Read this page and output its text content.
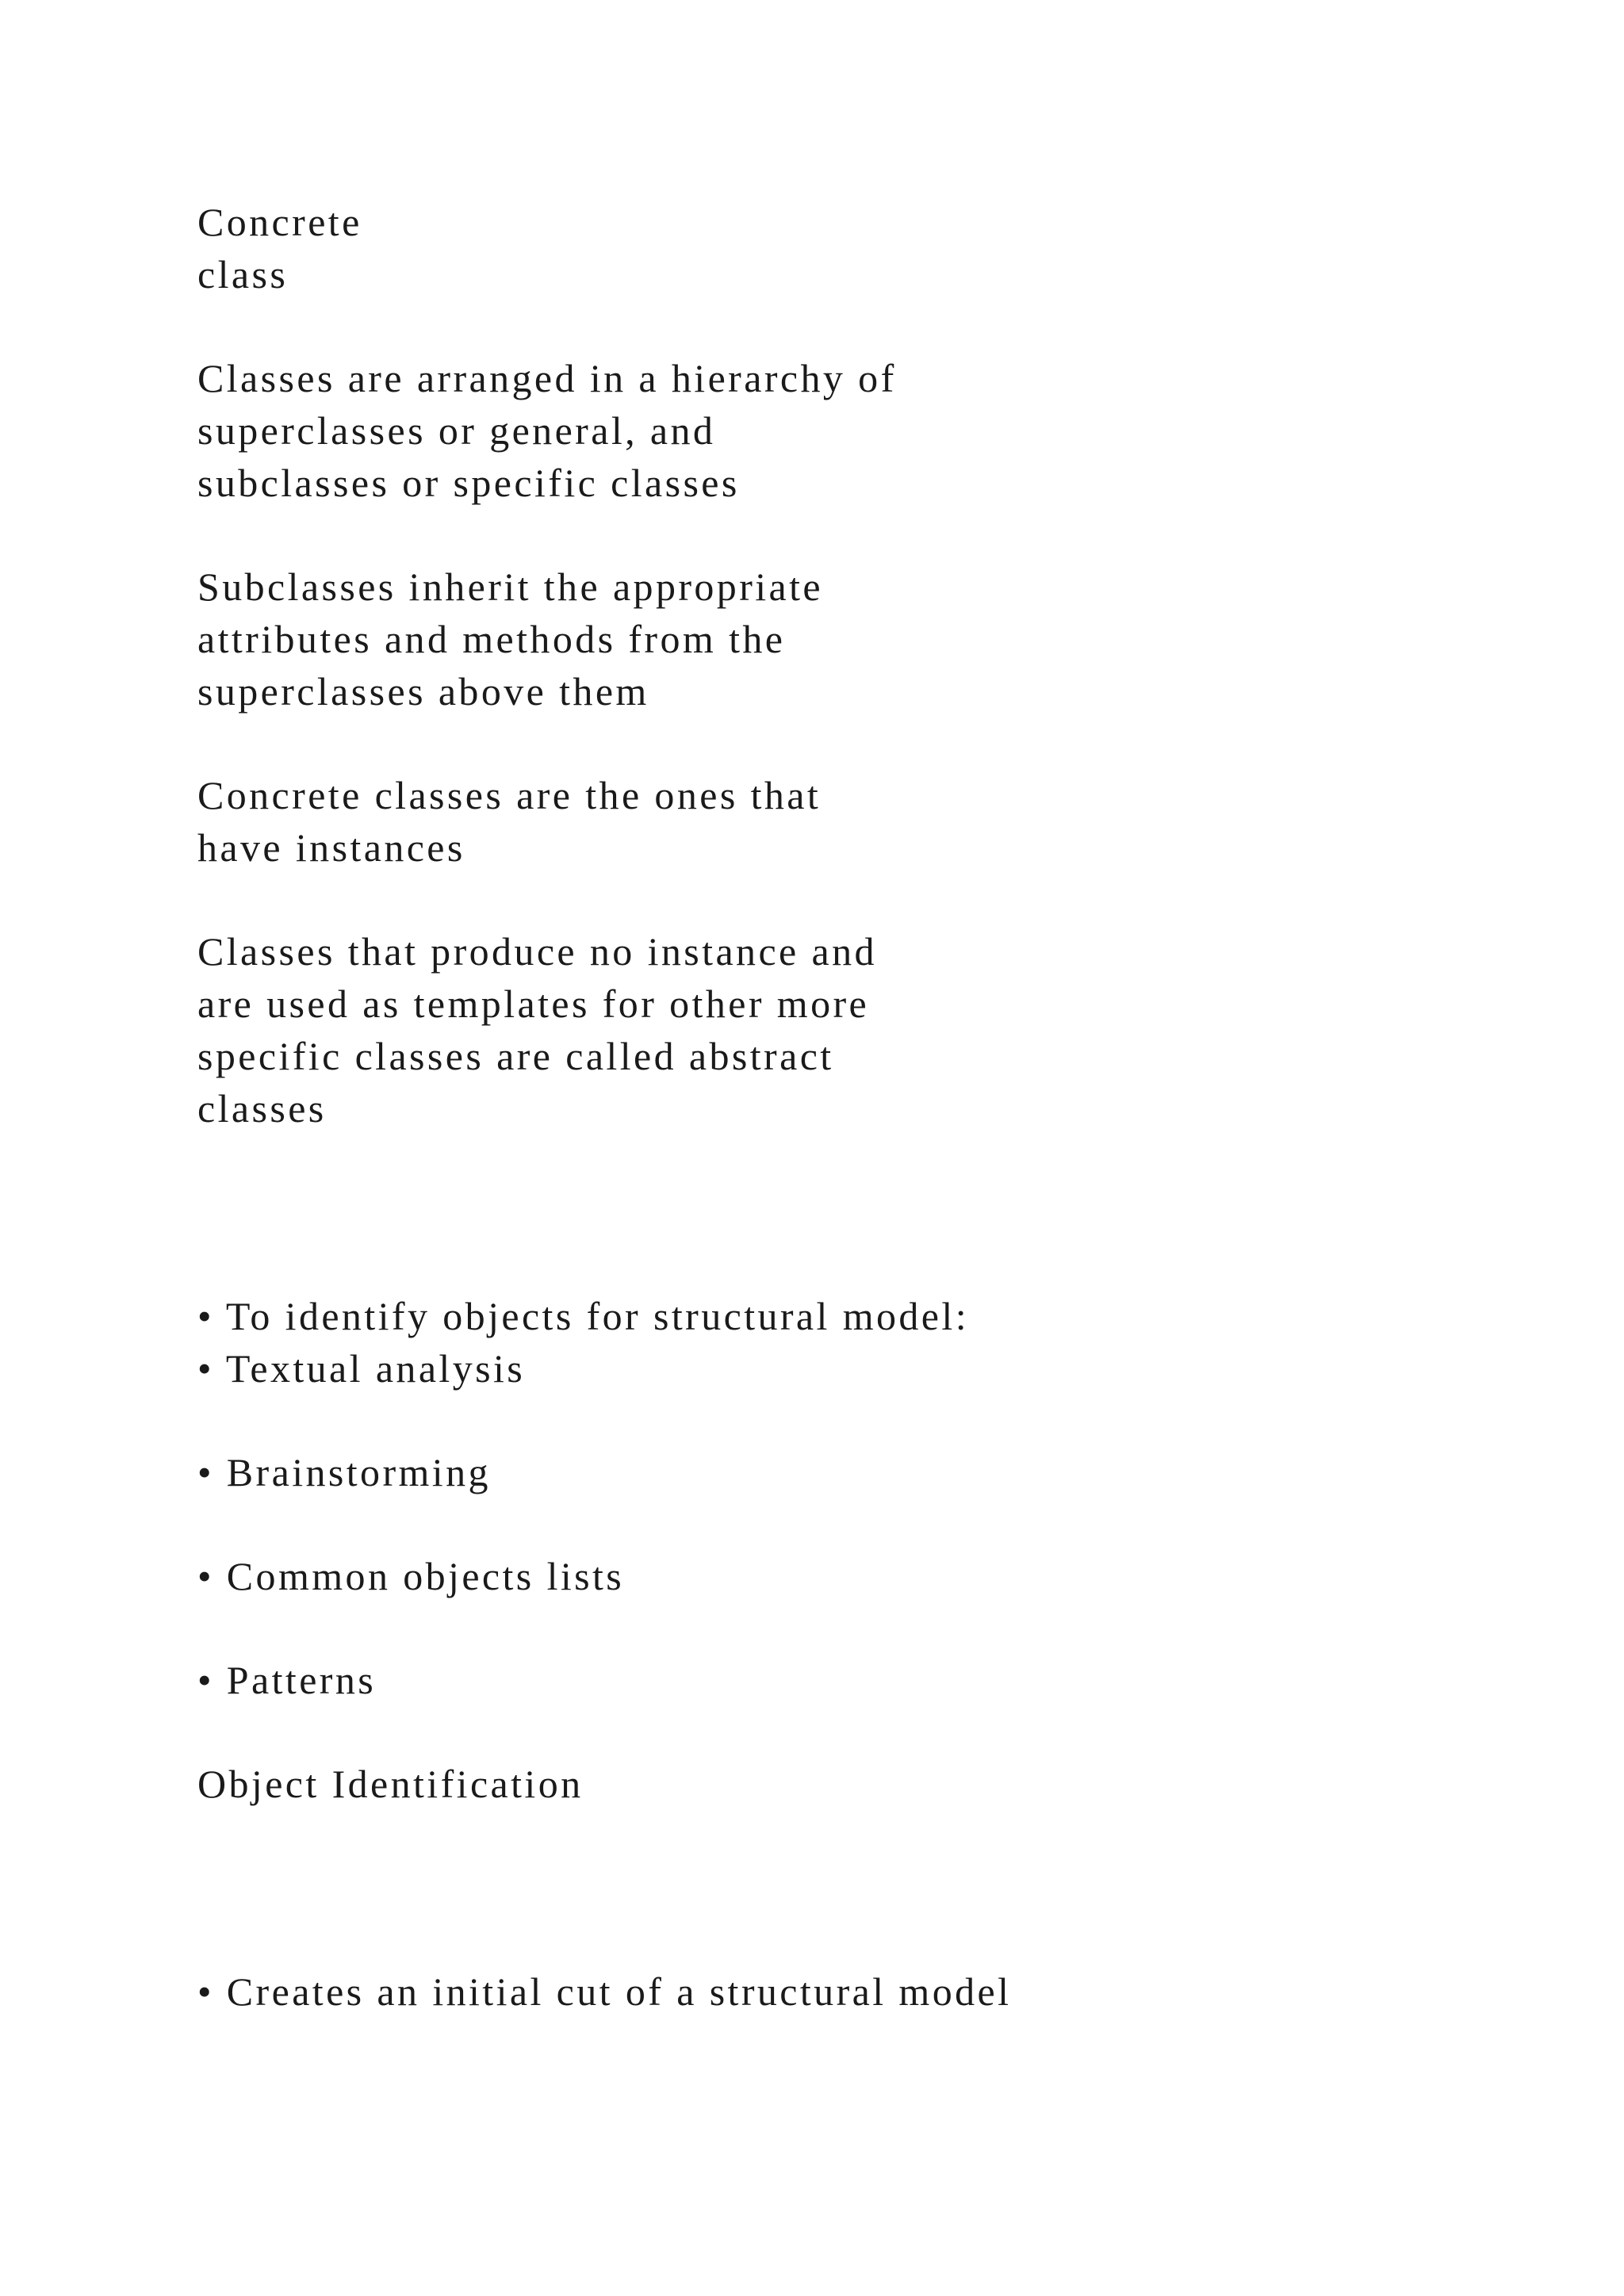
Concrete

class

Classes are arranged in a hierarchy of

superclasses or general, and

subclasses or specific classes

Subclasses inherit the appropriate

attributes and methods from the

superclasses above them

Concrete classes are the ones that

have instances

Classes that produce no instance and

are used as templates for other more

specific classes are called abstract

classes

• To identify objects for structural model:

• Textual analysis

• Brainstorming

• Common objects lists

• Patterns

Object Identification

• Creates an initial cut of a structural model
